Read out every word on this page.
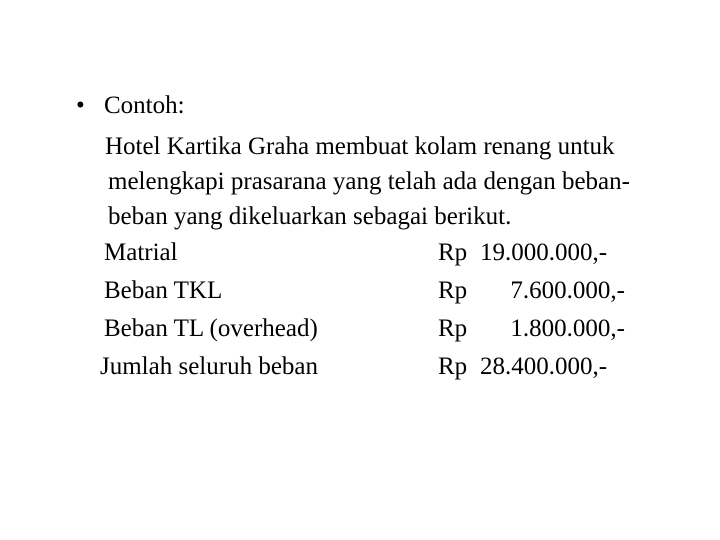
• Contoh:
Hotel Kartika Graha membuat kolam renang untuk
melengkapi prasarana yang telah ada dengan beban-
beban yang dikeluarkan sebagai berikut.
Matrial	Rp 19.000.000,-
Beban TKL	Rp	7.600.000,-
Beban TL (overhead)	Rp	1.800.000,-
Jumlah seluruh beban	Rp 28.400.000,-
